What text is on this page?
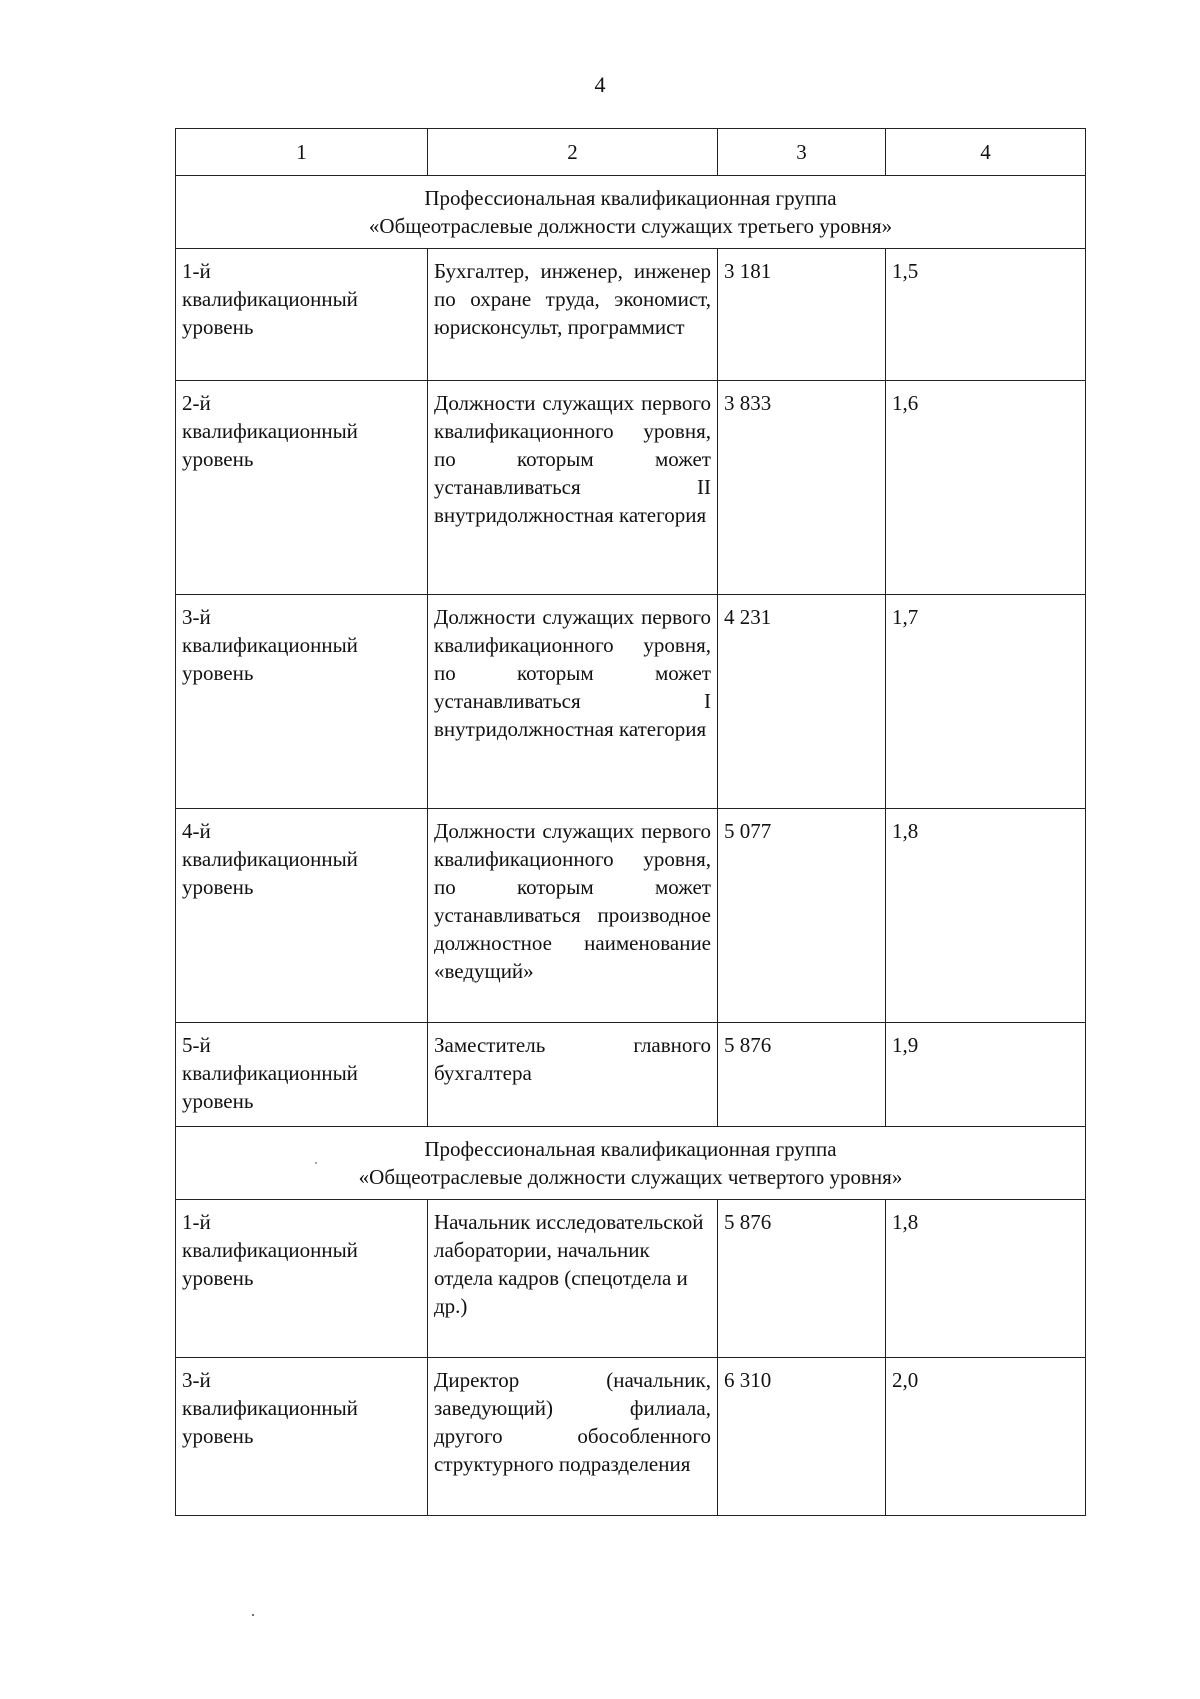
4
1	2	3	4

Профессиональная квалификационная группа
«Общеотраслевые должности служащих третьего уровня»			

1-й
квалификационный
уровень	Бухгалтер, инженер, инженер по охране труда, экономист, юрисконсульт, программист	3 181	1,5

2-й
квалификационный
уровень	Должности служащих первого квалификационного уровня, по которым может устанавливаться II внутридолжностная категория	3 833	1,6

3-й
квалификационный
уровень	Должности служащих первого квалификационного уровня, по которым может устанавливаться I внутридолжностная категория	4 231	1,7

4-й
квалификационный
уровень	Должности служащих первого квалификационного уровня, по которым может устанавливаться производное должностное наименование «ведущий»	5 077	1,8

5-й
квалификационный
уровень	Заместитель главного бухгалтера	5 876	1,9

Профессиональная квалификационная группа
«Общеотраслевые должности служащих четвертого уровня»			

1-й
квалификационный
уровень	Начальник исследовательской лаборатории, начальник отдела кадров (спецотдела и др.)	5 876	1,8

3-й
квалификационный
уровень	Директор (начальник, заведующий) филиала, другого обособленного структурного подразделения	6 310	2,0
